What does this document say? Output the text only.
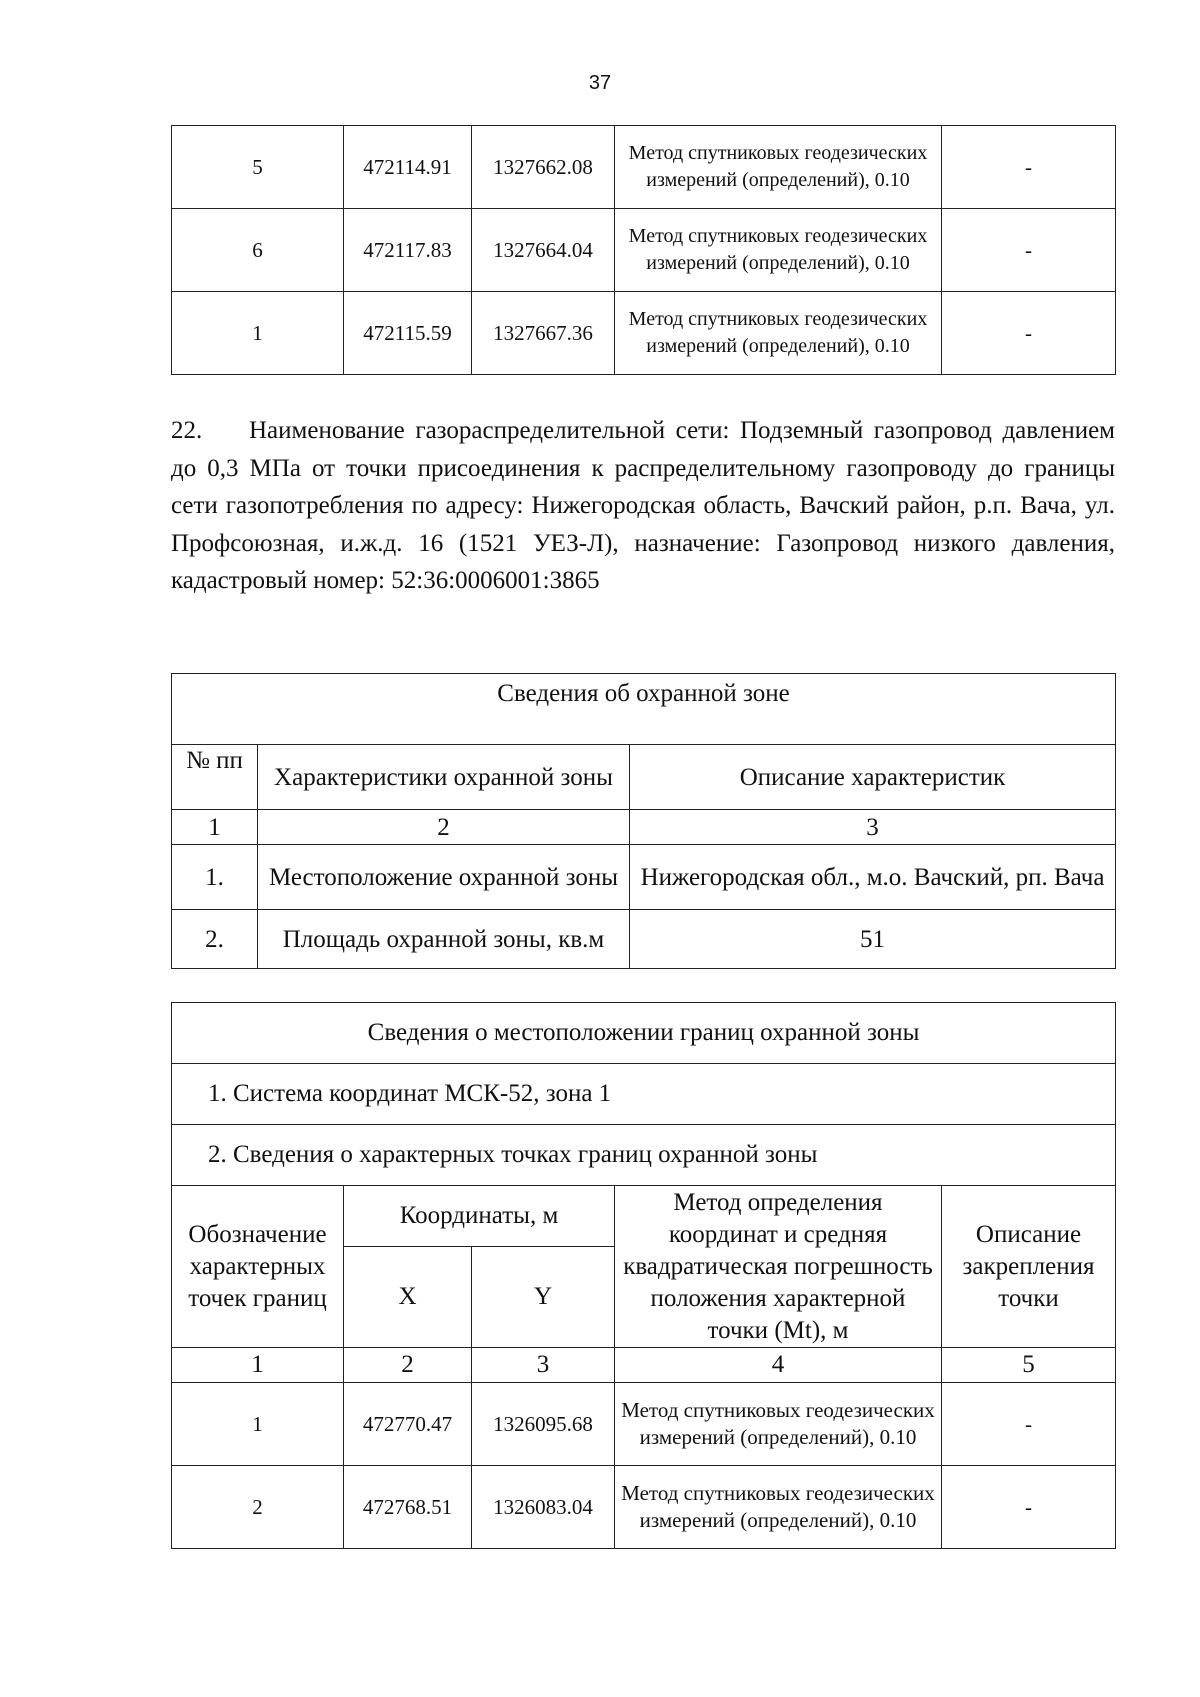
37
5	472114.91	1327662.08	Метод спутниковых геодезических измерений (определений), 0.10	-
6	472117.83	1327664.04	Метод спутниковых геодезических измерений (определений), 0.10	-
1	472115.59	1327667.36	Метод спутниковых геодезических измерений (определений), 0.10	-
22. Наименование газораспределительной сети: Подземный газопровод давлением до 0,3 МПа от точки присоединения к распределительному газопроводу до границы сети газопотребления по адресу: Нижегородская область, Вачский район, р.п. Вача, ул. Профсоюзная, и.ж.д. 16 (1521 УЕЗ-Л), назначение: Газопровод низкого давления, кадастровый номер: 52:36:0006001:3865
Сведения об охранной зоне		
№ пп	Характеристики охранной зоны	Описание характеристик
1	2	3
1.	Местоположение охранной зоны	Нижегородская обл., м.о. Вачский, рп. Вача
2.	Площадь охранной зоны, кв.м	51
Сведения о местоположении границ охранной зоны				
1. Система координат МСК-52, зона 1				
2. Сведения о характерных точках границ охранной зоны				
Обозначение характерных точек границ	Координаты, м		Метод определения координат и средняя квадратическая погрешность положения характерной точки (Mt), м	Описание закрепления точки
	X	Y		
1	2	3	4	5
1	472770.47	1326095.68	Метод спутниковых геодезических измерений (определений), 0.10	-
2	472768.51	1326083.04	Метод спутниковых геодезических измерений (определений), 0.10	-
